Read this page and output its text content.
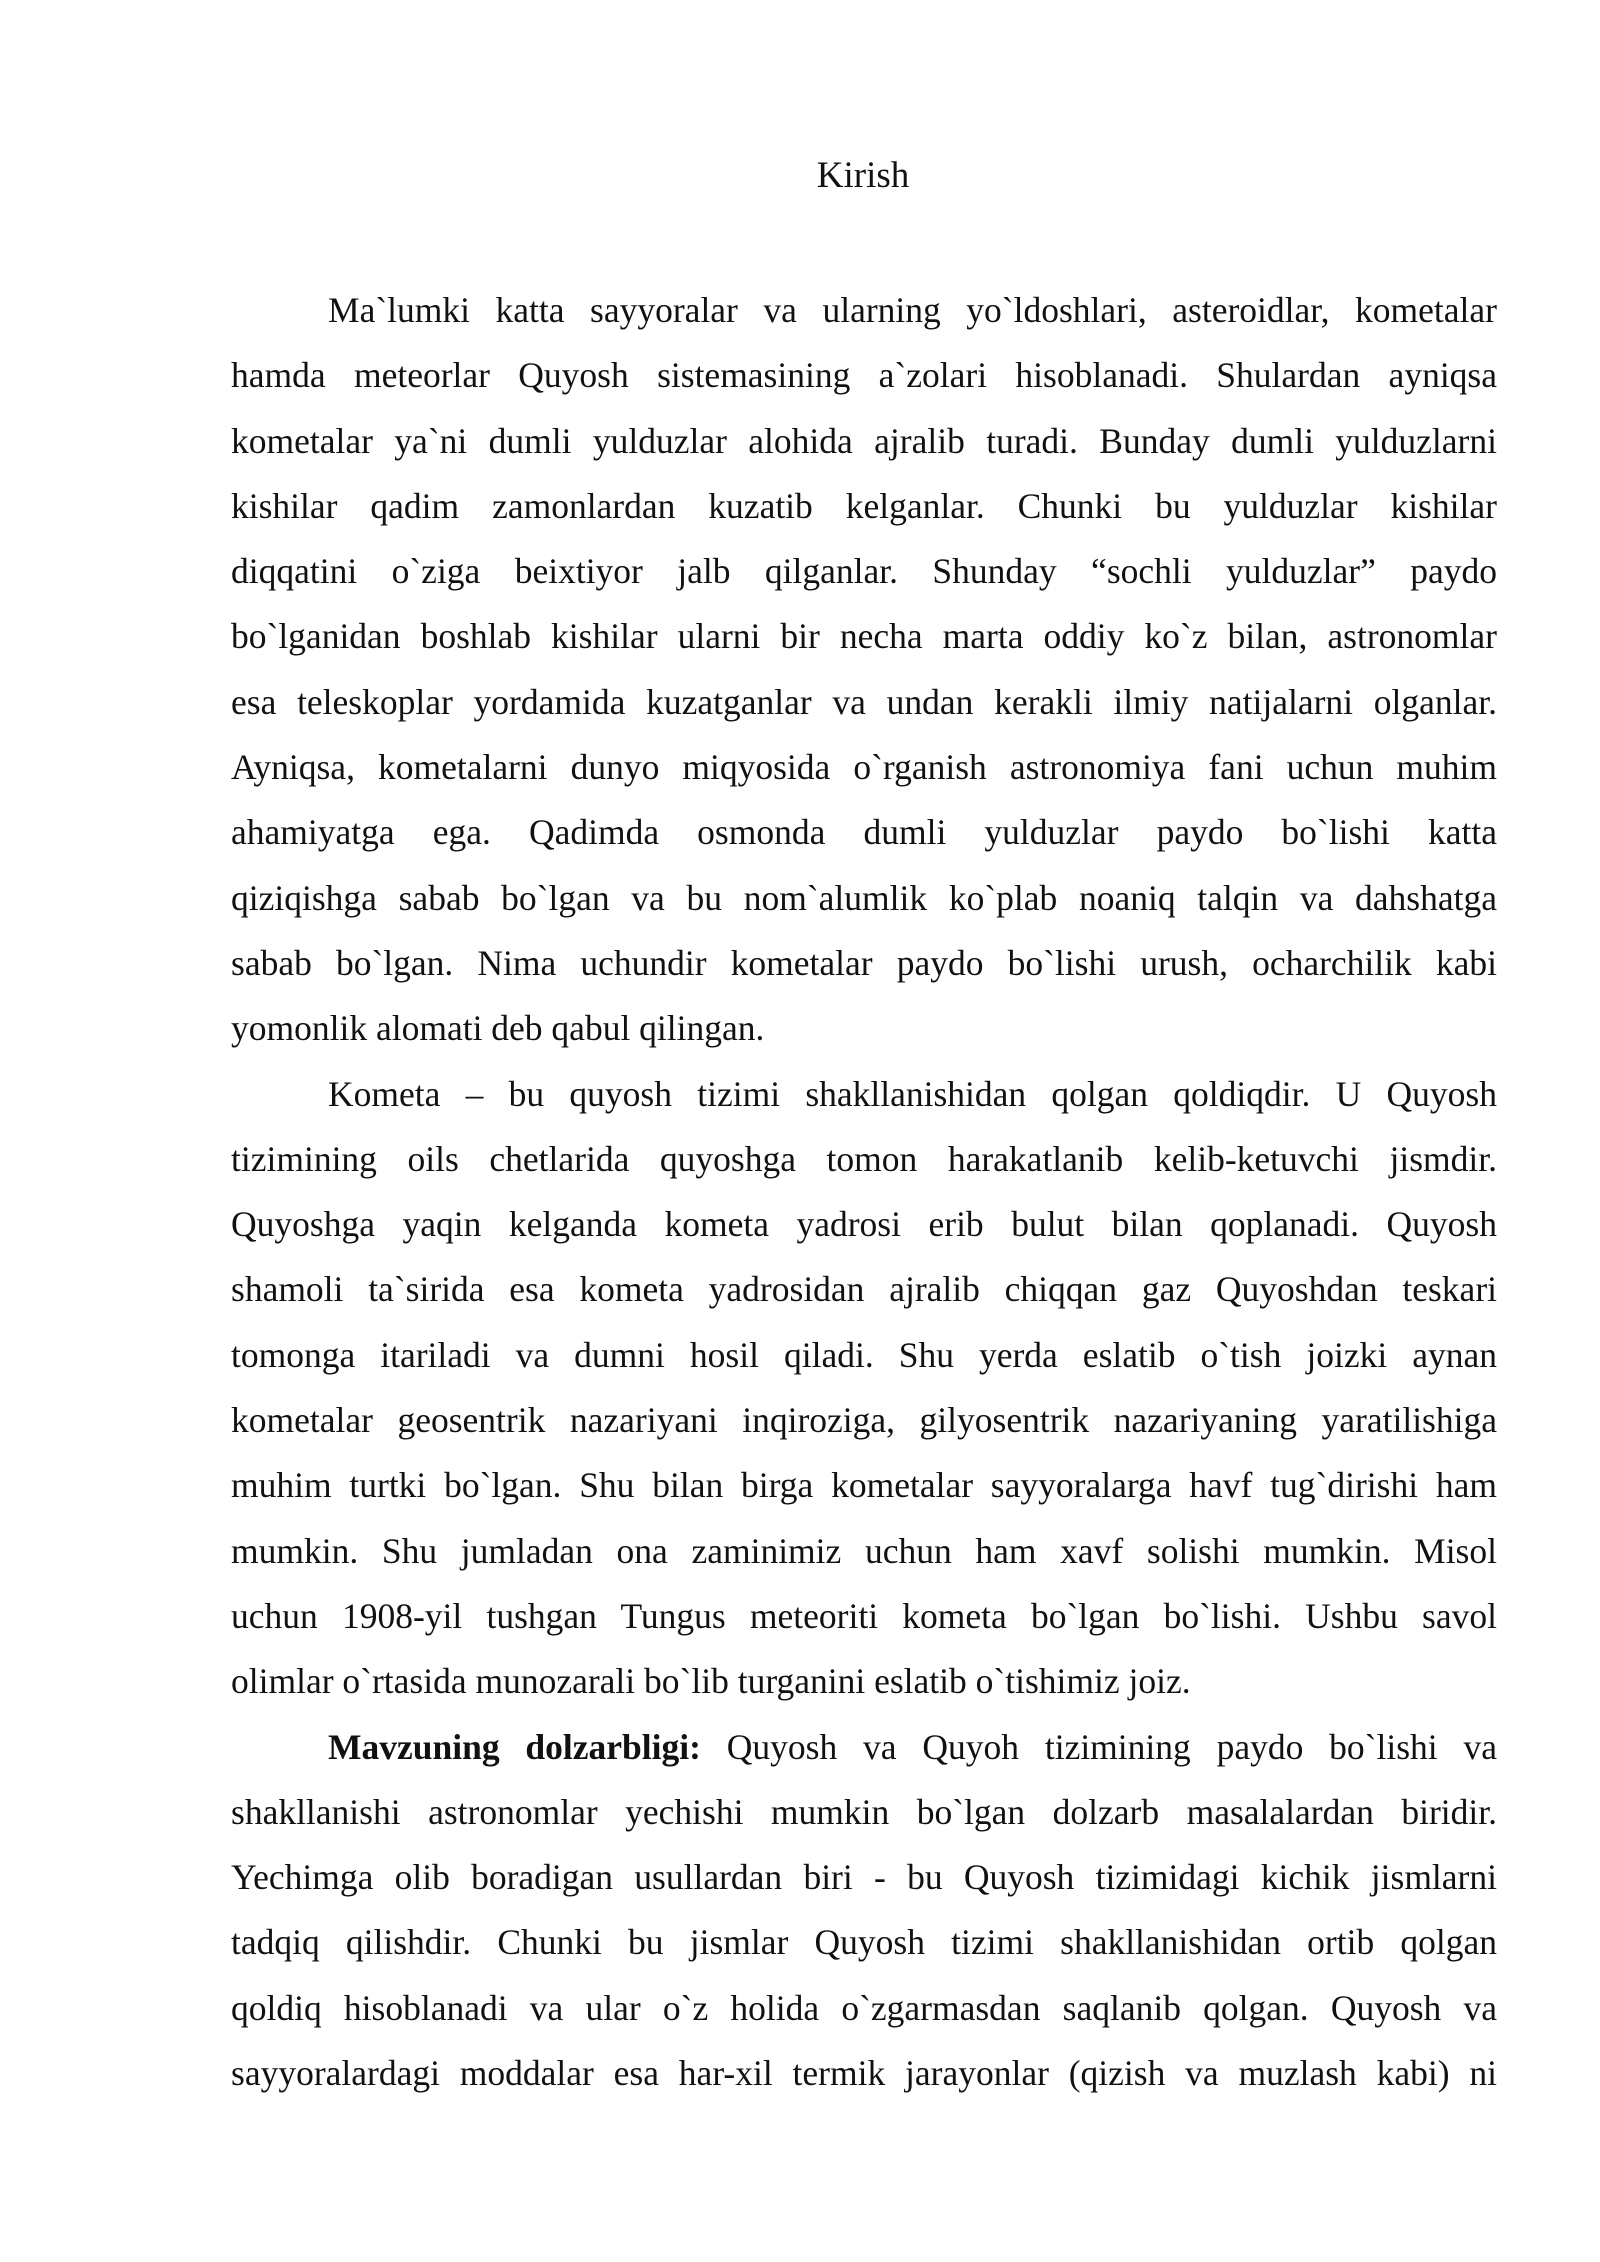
Kirish
Ma`lumki katta sayyoralar va ularning yo`ldoshlari, asteroidlar, kometalar
hamda meteorlar Quyosh sistemasining a`zolari hisoblanadi. Shulardan ayniqsa
kometalar ya`ni dumli yulduzlar alohida ajralib turadi. Bunday dumli yulduzlarni
kishilar qadim zamonlardan kuzatib kelganlar. Chunki bu yulduzlar kishilar
diqqatini o`ziga beixtiyor jalb qilganlar. Shunday “sochli yulduzlar” paydo
bo`lganidan boshlab kishilar ularni bir necha marta oddiy ko`z bilan, astronomlar
esa teleskoplar yordamida kuzatganlar va undan kerakli ilmiy natijalarni olganlar.
Ayniqsa, kometalarni dunyo miqyosida o`rganish astronomiya fani uchun muhim
ahamiyatga ega. Qadimda osmonda dumli yulduzlar paydo bo`lishi katta
qiziqishga sabab bo`lgan va bu nom`alumlik ko`plab noaniq talqin va dahshatga
sabab bo`lgan. Nima uchundir kometalar paydo bo`lishi urush, ocharchilik kabi
yomonlik alomati deb qabul qilingan.
Kometa – bu quyosh tizimi shakllanishidan qolgan qoldiqdir. U Quyosh
tizimining oils chetlarida quyoshga tomon harakatlanib kelib-ketuvchi jismdir.
Quyoshga yaqin kelganda kometa yadrosi erib bulut bilan qoplanadi. Quyosh
shamoli ta`sirida esa kometa yadrosidan ajralib chiqqan gaz Quyoshdan teskari
tomonga itariladi va dumni hosil qiladi. Shu yerda eslatib o`tish joizki aynan
kometalar geosentrik nazariyani inqiroziga, gilyosentrik nazariyaning yaratilishiga
muhim turtki bo`lgan. Shu bilan birga kometalar sayyoralarga havf tug`dirishi ham
mumkin. Shu jumladan ona zaminimiz uchun ham xavf solishi mumkin. Misol
uchun 1908-yil tushgan Tungus meteoriti kometa bo`lgan bo`lishi. Ushbu savol
olimlar o`rtasida munozarali bo`lib turganini eslatib o`tishimiz joiz.
Mavzuning dolzarbligi: Quyosh va Quyoh tizimining paydo bo`lishi va
shakllanishi astronomlar yechishi mumkin bo`lgan dolzarb masalalardan biridir.
Yechimga olib boradigan usullardan biri - bu Quyosh tizimidagi kichik jismlarni
tadqiq qilishdir. Chunki bu jismlar Quyosh tizimi shakllanishidan ortib qolgan
qoldiq hisoblanadi va ular o`z holida o`zgarmasdan saqlanib qolgan. Quyosh va
sayyoralardagi moddalar esa har-xil termik jarayonlar (qizish va muzlash kabi) ni
